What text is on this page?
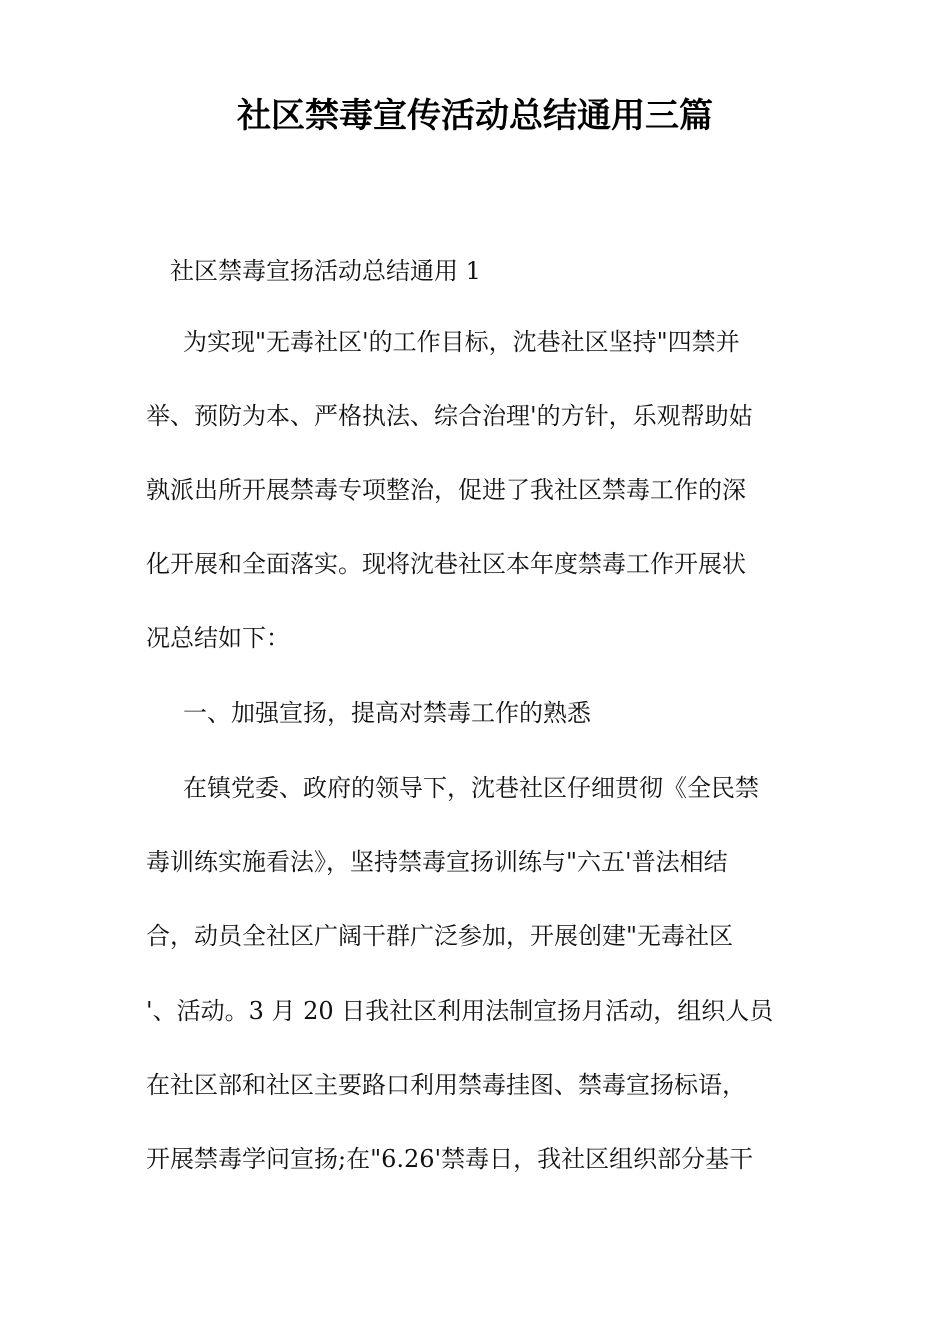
社区禁毒宣传活动总结通用三篇
社区禁毒宣扬活动总结通用 1
为实现"无毒社区'的工作目标，沈巷社区坚持"四禁并
举、预防为本、严格执法、综合治理'的方针，乐观帮助姑
孰派出所开展禁毒专项整治，促进了我社区禁毒工作的深
化开展和全面落实。现将沈巷社区本年度禁毒工作开展状
况总结如下：
一、加强宣扬，提高对禁毒工作的熟悉
在镇党委、政府的领导下，沈巷社区仔细贯彻《全民禁
毒训练实施看法》，坚持禁毒宣扬训练与"六五'普法相结
合，动员全社区广阔干群广泛参加，开展创建"无毒社区
'、活动。3 月 20 日我社区利用法制宣扬月活动，组织人员
在社区部和社区主要路口利用禁毒挂图、禁毒宣扬标语，
开展禁毒学问宣扬;在"6.26'禁毒日，我社区组织部分基干
